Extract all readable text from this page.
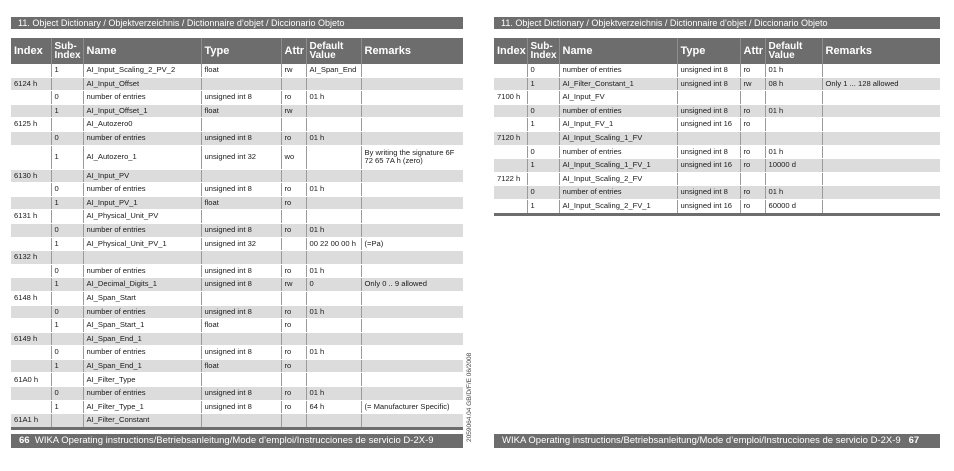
11. Object Dictionary / Objektverzeichnis / Dictionnaire d’objet / Diccionario Objeto
Index	Sub-
Index	Name	Type	Attr	Default
Value	Remarks
	1	AI_Input_Scaling_2_PV_2	float	rw	AI_Span_End	
6124 h		AI_Input_Offset				
	0	number of entries	unsigned int 8	ro	01 h	
	1	AI_Input_Offset_1	float	rw		
6125 h		AI_Autozero0				
	0	number of entries	unsigned int 8	ro	01 h	
	1	AI_Autozero_1	unsigned int 32	wo		By writing the signature 6F 72 65 7A h (zero)
6130 h		AI_Input_PV				
	0	number of entries	unsigned int 8	ro	01 h	
	1	AI_Input_PV_1	float	ro		
6131 h		AI_Physical_Unit_PV				
	0	number of entries	unsigned int 8	ro	01 h	
	1	AI_Physical_Unit_PV_1	unsigned int 32		00 22 00 00 h	(=Pa)
6132 h						
	0	number of entries	unsigned int 8	ro	01 h	
	1	AI_Decimal_Digits_1	unsigned int 8	rw	0	Only 0 .. 9 allowed
6148 h		AI_Span_Start				
	0	number of entries	unsigned int 8	ro	01 h	
	1	AI_Span_Start_1	float	ro		
6149 h		AI_Span_End_1				
	0	number of entries	unsigned int 8	ro	01 h	
	1	AI_Span_End_1	float	ro		
61A0 h		AI_Filter_Type				
	0	number of entries	unsigned int 8	ro	01 h	
	1	AI_Filter_Type_1	unsigned int 8	ro	64 h	(= Manufacturer Specific)
61A1 h		AI_Filter_Constant				
66 WIKA Operating instructions/Betriebsanleitung/Mode d’emploi/Instrucciones de servicio D-2X-9	2059064.04 GB/D/F/E 06/2008
11. Object Dictionary / Objektverzeichnis / Dictionnaire d’objet / Diccionario Objeto
Index	Sub-
Index	Name	Type	Attr	Default
Value	Remarks
	0	number of entries	unsigned int 8	ro	01 h	
	1	AI_Filter_Constant_1	unsigned int 8	rw	08 h	Only 1 ... 128 allowed
7100 h		AI_Input_FV				
	0	number of entries	unsigned int 8	ro	01 h	
	1	AI_Input_FV_1	unsigned int 16	ro		
7120 h		AI_Input_Scaling_1_FV				
	0	number of entries	unsigned int 8	ro	01 h	
	1	AI_Input_Scaling_1_FV_1	unsigned int 16	ro	10000 d	
7122 h		AI_Input_Scaling_2_FV				
	0	number of entries	unsigned int 8	ro	01 h	
	1	AI_Input_Scaling_2_FV_1	unsigned int 16	ro	60000 d	
WIKA Operating instructions/Betriebsanleitung/Mode d’emploi/Instrucciones de servicio D-2X-9 67
